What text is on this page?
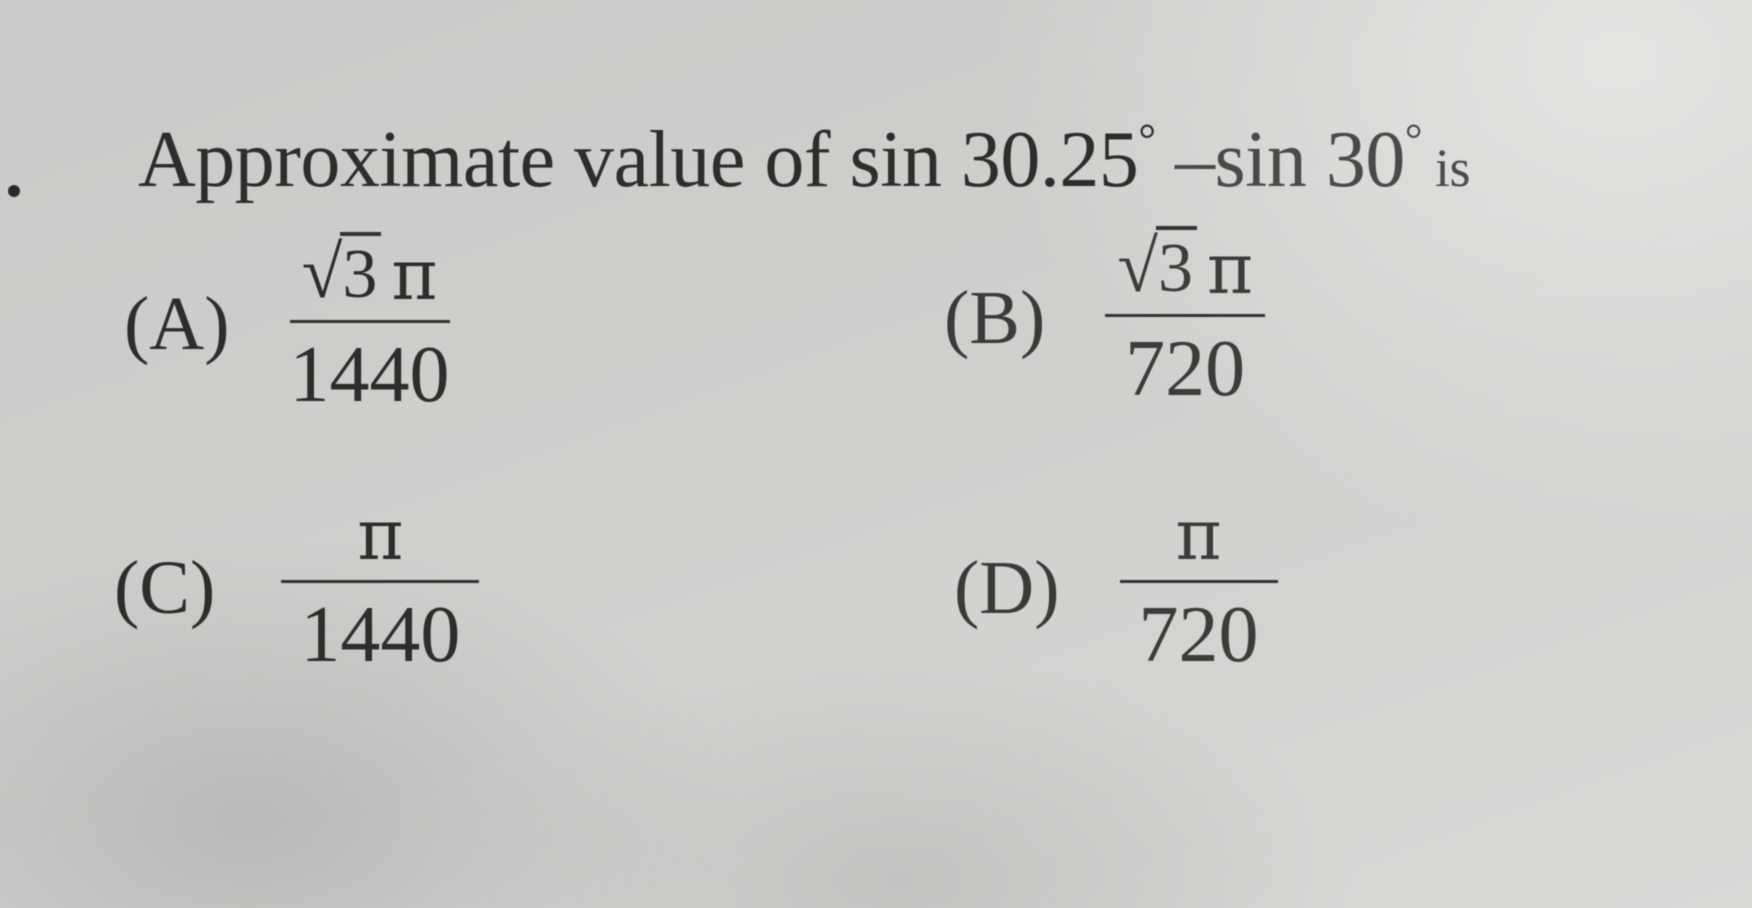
Approximate value of sin 30.25° –sin 30° is
$(A) \frac{√ 3 \pi}{1440}$	$(B) \frac{√ 3 \pi}{720}$
$(C) \frac{\pi}{1440}$	$(D) \frac{\pi}{720}$
